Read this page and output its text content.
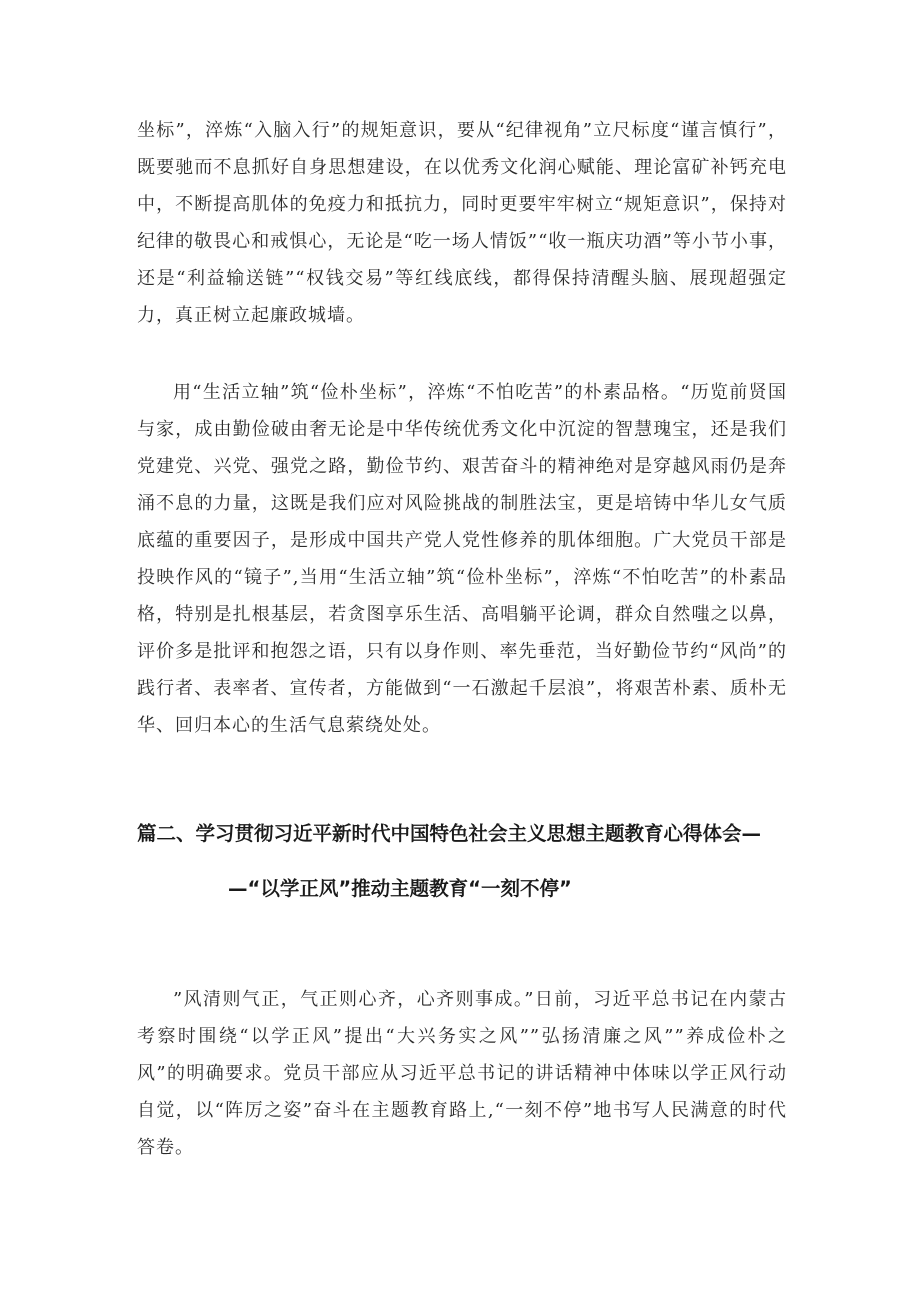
坐标”，淬炼“入脑入行”的规矩意识，要从“纪律视角”立尺标度“谨言慎行”，既要驰而不息抓好自身思想建设，在以优秀文化润心赋能、理论富矿补钙充电中，不断提高肌体的免疫力和抵抗力，同时更要牢牢树立“规矩意识”，保持对纪律的敬畏心和戒惧心，无论是“吃一场人情饭”“收一瓶庆功酒”等小节小事，还是“利益输送链”“权钱交易”等红线底线，都得保持清醒头脑、展现超强定力，真正树立起廉政城墙。

用“生活立轴”筑“俭朴坐标”，淬炼“不怕吃苦”的朴素品格。“历览前贤国与家，成由勤俭破由奢无论是中华传统优秀文化中沉淀的智慧瑰宝，还是我们党建党、兴党、强党之路，勤俭节约、艰苦奋斗的精神绝对是穿越风雨仍是奔涌不息的力量，这既是我们应对风险挑战的制胜法宝，更是培铸中华儿女气质底蕴的重要因子，是形成中国共产党人党性修养的肌体细胞。广大党员干部是投映作风的“镜子”,当用“生活立轴”筑“俭朴坐标”，淬炼“不怕吃苦”的朴素品格，特别是扎根基层，若贪图享乐生活、高唱躺平论调，群众自然嗤之以鼻，评价多是批评和抱怨之语，只有以身作则、率先垂范，当好勤俭节约“风尚”的践行者、表率者、宣传者，方能做到“一石激起千层浪”，将艰苦朴素、质朴无华、回归本心的生活气息萦绕处处。

篇二、学习贯彻习近平新时代中国特色社会主义思想主题教育心得体会—
—“以学正风”推动主题教育“一刻不停”

”风清则气正，气正则心齐，心齐则事成。”日前，习近平总书记在内蒙古考察时围绕“以学正风”提出“大兴务实之风””弘扬清廉之风””养成俭朴之风”的明确要求。党员干部应从习近平总书记的讲话精神中体味以学正风行动自觉，以“阵厉之姿”奋斗在主题教育路上,“一刻不停”地书写人民满意的时代答卷。
